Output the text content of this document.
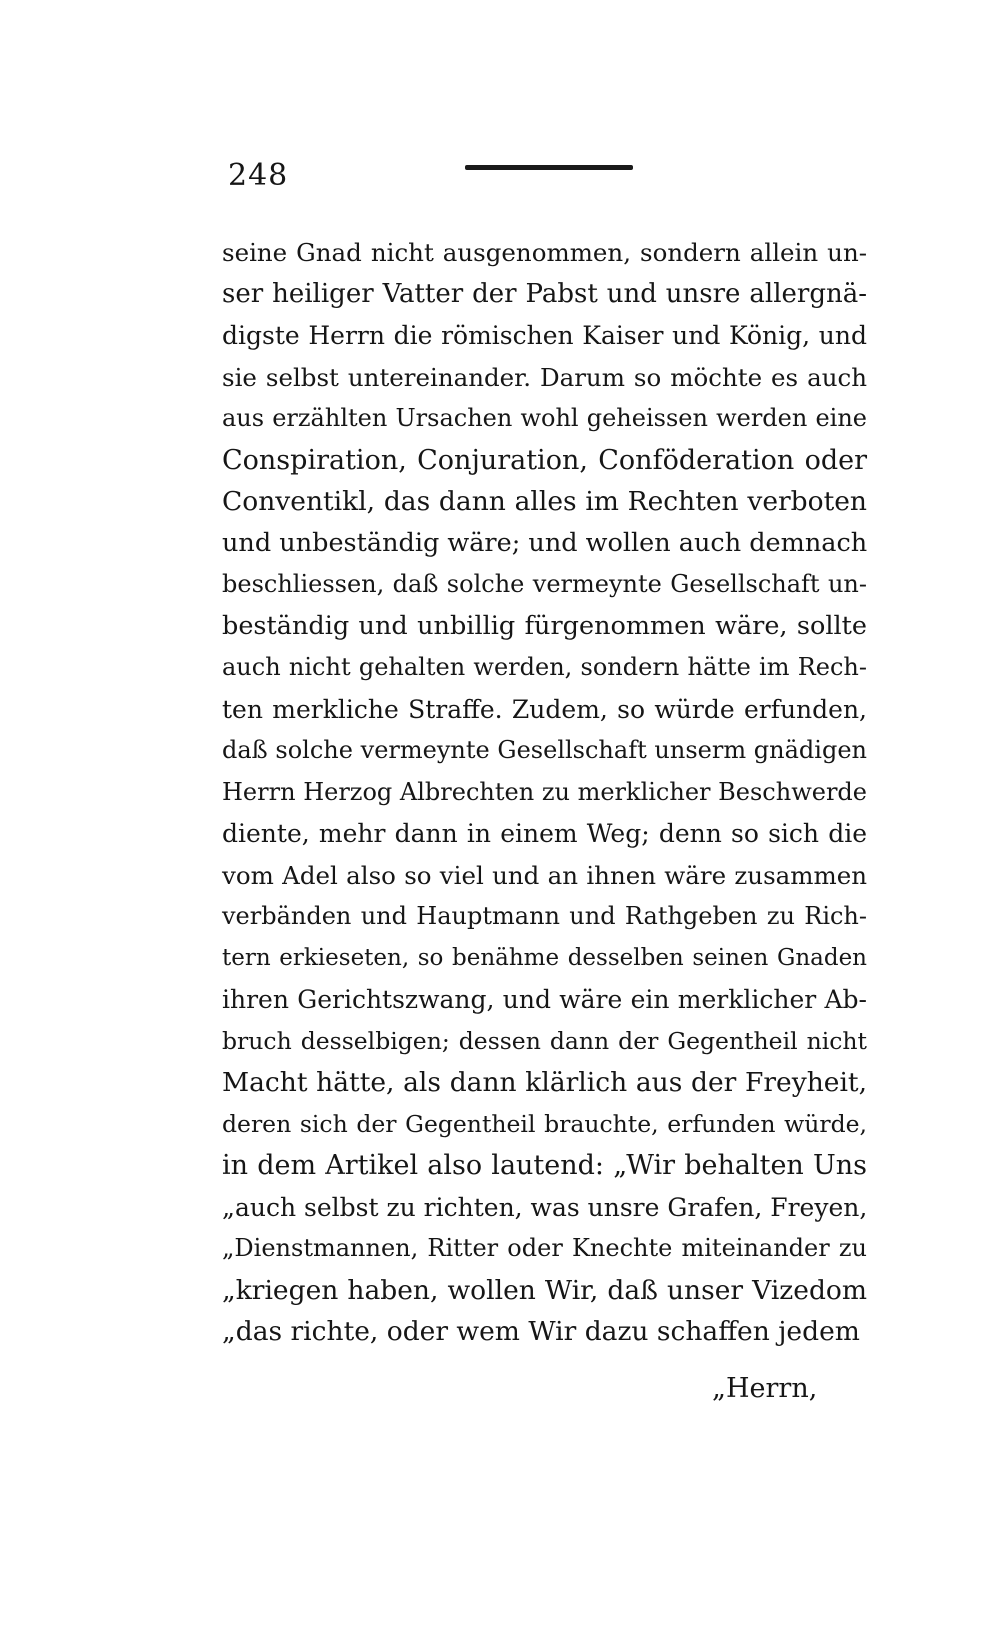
248
seine Gnad nicht ausgenommen, sondern allein un-
ser heiliger Vatter der Pabst und unsre allergnä-
digste Herrn die römischen Kaiser und König, und
sie selbst untereinander. Darum so möchte es auch
aus erzählten Ursachen wohl geheissen werden eine
Conspiration, Conjuration, Conföderation oder
Conventikl, das dann alles im Rechten verboten
und unbeständig wäre; und wollen auch demnach
beschliessen, daß solche vermeynte Gesellschaft un-
beständig und unbillig fürgenommen wäre, sollte
auch nicht gehalten werden, sondern hätte im Rech-
ten merkliche Straffe. Zudem, so würde erfunden,
daß solche vermeynte Gesellschaft unserm gnädigen
Herrn Herzog Albrechten zu merklicher Beschwerde
diente, mehr dann in einem Weg; denn so sich die
vom Adel also so viel und an ihnen wäre zusammen
verbänden und Hauptmann und Rathgeben zu Rich-
tern erkieseten, so benähme desselben seinen Gnaden
ihren Gerichtszwang, und wäre ein merklicher Ab-
bruch desselbigen; dessen dann der Gegentheil nicht
Macht hätte, als dann klärlich aus der Freyheit,
deren sich der Gegentheil brauchte, erfunden würde,
in dem Artikel also lautend: „Wir behalten Uns
„auch selbst zu richten, was unsre Grafen, Freyen,
„Dienstmannen, Ritter oder Knechte miteinander zu
„kriegen haben, wollen Wir, daß unser Vizedom
„das richte, oder wem Wir dazu schaffen jedem
„Herrn,
